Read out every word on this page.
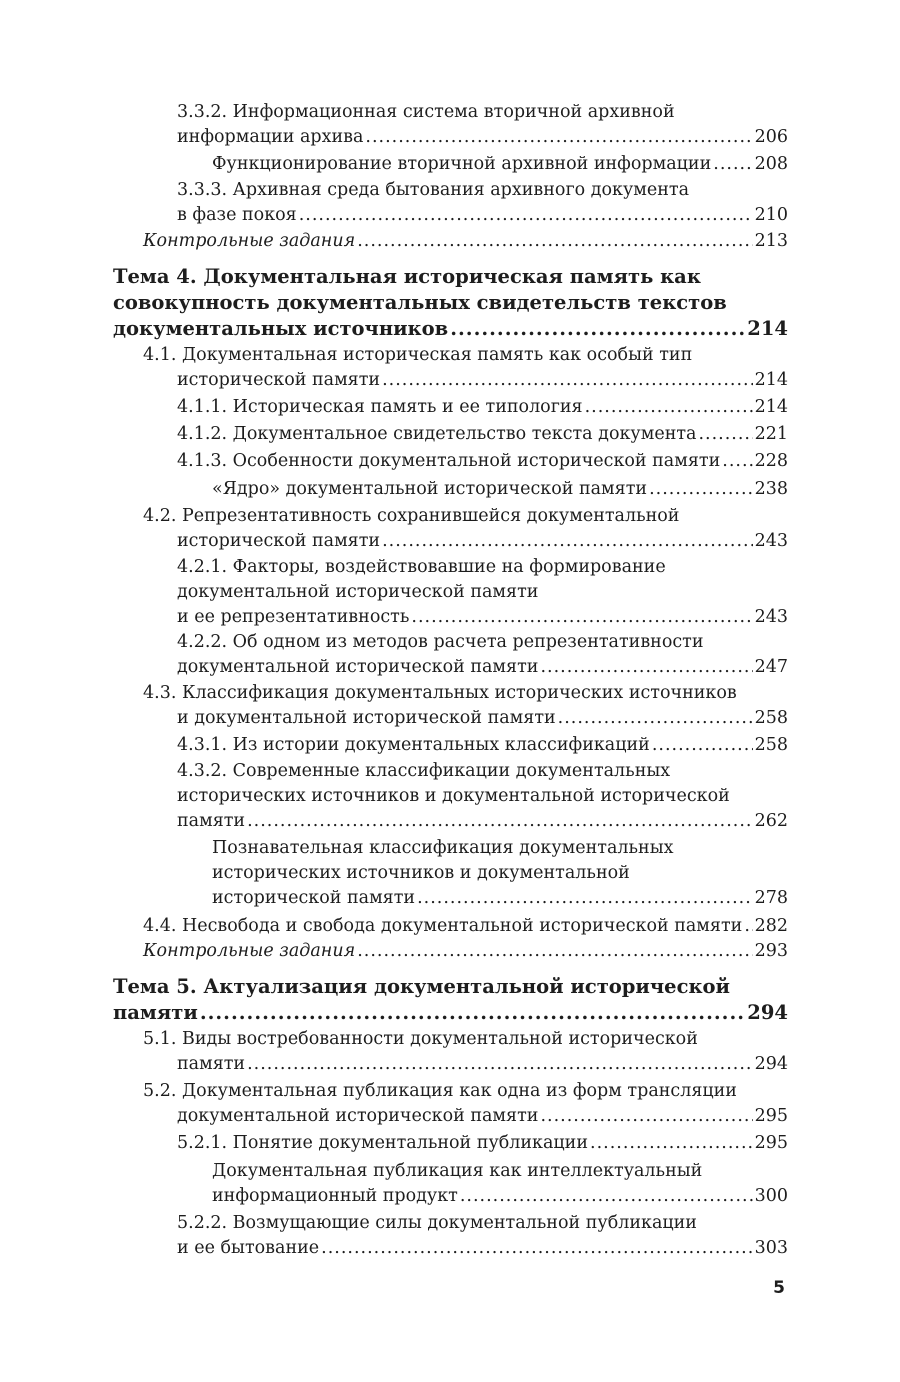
3.3.2. Информационная система вторичной архивной
информации архива .....	206
Функционирование вторичной архивной информации ..... 208
3.3.3. Архивная среда бытования архивного документа
в фазе покоя .....	210
Контрольные задания .....	213
Тема 4. Документальная историческая память как
совокупность документальных свидетельств текстов
документальных источников .....	214
4.1. Документальная историческая память как особый тип
исторической памяти .....	214
4.1.1. Историческая память и ее типология .....	214
4.1.2. Документальное свидетельство текста документа .....	221
4.1.3. Особенности документальной исторической памяти ..... 228
«Ядро» документальной исторической памяти .....	238
4.2. Репрезентативность сохранившейся документальной
исторической памяти .....	243
4.2.1. Факторы, воздействовавшие на формирование
документальной исторической памяти
и ее репрезентативность .....	243
4.2.2. Об одном из методов расчета репрезентативности
документальной исторической памяти .....	247
4.3. Классификация документальных исторических источников
и документальной исторической памяти .....	258
4.3.1. Из истории документальных классификаций .....	258
4.3.2. Современные классификации документальных
исторических источников и документальной исторической
памяти .....	262
Познавательная классификация документальных
исторических источников и документальной
исторической памяти .....	278
4.4. Несвобода и свобода документальной исторической памяти ..... 282
Контрольные задания .....	293
Тема 5. Актуализация документальной исторической
памяти .....	294
5.1. Виды востребованности документальной исторической
памяти .....	294
5.2. Документальная публикация как одна из форм трансляции
документальной исторической памяти .....	295
5.2.1. Понятие документальной публикации .....	295
Документальная публикация как интеллектуальный
информационный продукт .....	300
5.2.2. Возмущающие силы документальной публикации
и ее бытование .....	303
5
